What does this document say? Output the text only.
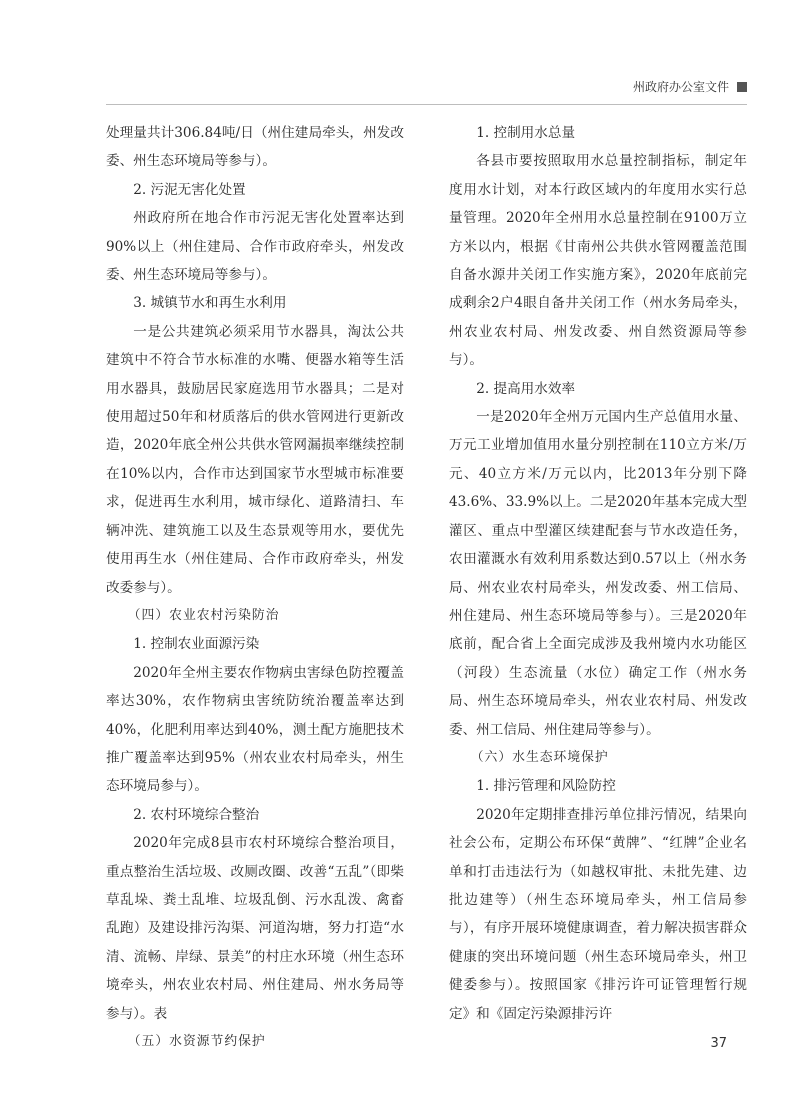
州政府办公室文件

处理量共计306.84吨/日（州住建局牵头，州发改委、州生态环境局等参与）。

2. 污泥无害化处置

州政府所在地合作市污泥无害化处置率达到90%以上（州住建局、合作市政府牵头，州发改委、州生态环境局等参与）。

3. 城镇节水和再生水利用

一是公共建筑必须采用节水器具，淘汰公共建筑中不符合节水标准的水嘴、便器水箱等生活用水器具，鼓励居民家庭选用节水器具；二是对使用超过50年和材质落后的供水管网进行更新改造，2020年底全州公共供水管网漏损率继续控制在10%以内，合作市达到国家节水型城市标准要求，促进再生水利用，城市绿化、道路清扫、车辆冲洗、建筑施工以及生态景观等用水，要优先使用再生水（州住建局、合作市政府牵头，州发改委参与）。

（四）农业农村污染防治

1. 控制农业面源污染

2020年全州主要农作物病虫害绿色防控覆盖率达30%，农作物病虫害统防统治覆盖率达到40%，化肥利用率达到40%，测土配方施肥技术推广覆盖率达到95%（州农业农村局牵头，州生态环境局参与）。

2. 农村环境综合整治

2020年完成8县市农村环境综合整治项目，重点整治生活垃圾、改厕改圈、改善“五乱”（即柴草乱垛、粪土乱堆、垃圾乱倒、污水乱泼、禽畜乱跑）及建设排污沟渠、河道沟塘，努力打造“水清、流畅、岸绿、景美”的村庄水环境（州生态环境牵头，州农业农村局、州住建局、州水务局等参与）。表

（五）水资源节约保护

1. 控制用水总量

各县市要按照取用水总量控制指标，制定年度用水计划，对本行政区域内的年度用水实行总量管理。2020年全州用水总量控制在9100万立方米以内，根据《甘南州公共供水管网覆盖范围自备水源井关闭工作实施方案》，2020年底前完成剩余2户4眼自备井关闭工作（州水务局牵头，州农业农村局、州发改委、州自然资源局等参与）。

2. 提高用水效率

一是2020年全州万元国内生产总值用水量、万元工业增加值用水量分别控制在110立方米/万元、40立方米/万元以内，比2013年分别下降43.6%、33.9%以上。二是2020年基本完成大型灌区、重点中型灌区续建配套与节水改造任务，农田灌溉水有效利用系数达到0.57以上（州水务局、州农业农村局牵头，州发改委、州工信局、州住建局、州生态环境局等参与）。三是2020年底前，配合省上全面完成涉及我州境内水功能区（河段）生态流量（水位）确定工作（州水务局、州生态环境局牵头，州农业农村局、州发改委、州工信局、州住建局等参与）。

（六）水生态环境保护

1. 排污管理和风险防控

2020年定期排查排污单位排污情况，结果向社会公布，定期公布环保“黄牌”、“红牌”企业名单和打击违法行为（如越权审批、未批先建、边批边建等）（州生态环境局牵头，州工信局参与），有序开展环境健康调查，着力解决损害群众健康的突出环境问题（州生态环境局牵头，州卫健委参与）。按照国家《排污许可证管理暂行规定》和《固定污染源排污许

37
